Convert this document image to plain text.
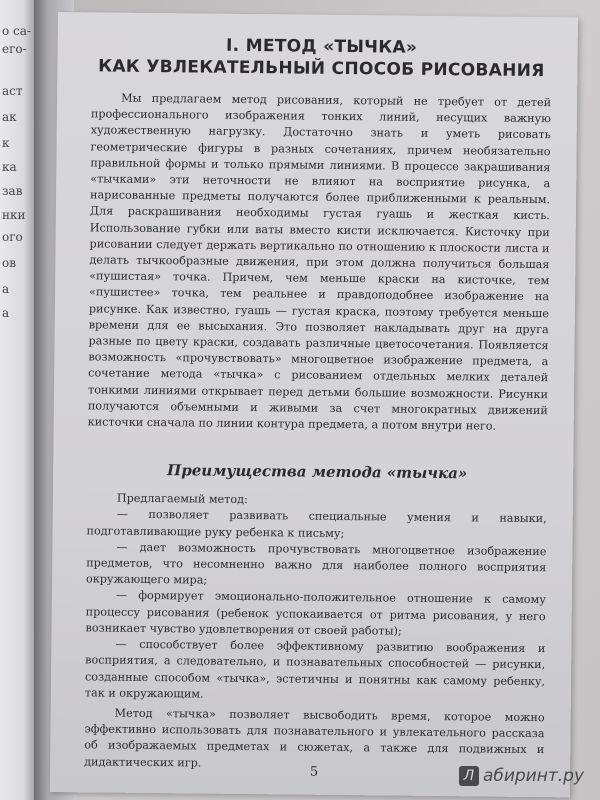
о са-
его-
аст
ак
к
ка
зав
нки
ого
ов
а
а
I. МЕТОД «ТЫЧКА»
КАК УВЛЕКАТЕЛЬНЫЙ СПОСОБ РИСОВАНИЯ

Мы предлагаем метод рисования, который не требует от детей профессионального изображения тонких линий, несущих важную художественную нагрузку. Достаточно знать и уметь рисовать геометрические фигуры в разных сочетаниях, причем необязательно правильной формы и только прямыми линиями. В процессе закрашивания «тычками» эти неточности не влияют на восприятие рисунка, а нарисованные предметы получаются более приближенными к реальным. Для раскрашивания необходимы густая гуашь и жесткая кисть. Использование губки или ваты вместо кисти исключается. Кисточку при рисовании следует держать вертикально по отношению к плоскости листа и делать тычкообразные движения, при этом должна получиться большая «пушистая» точка. Причем, чем меньше краски на кисточке, тем «пушистее» точка, тем реальнее и правдоподобнее изображение на рисунке. Как известно, гуашь — густая краска, поэтому требуется меньше времени для ее высыхания. Это позволяет накладывать друг на друга разные по цвету краски, создавать различные цветосочетания. Появляется возможность «прочувствовать» многоцветное изображение предмета, а сочетание метода «тычка» с рисованием отдельных мелких деталей тонкими линиями открывает перед детьми большие возможности. Рисунки получаются объемными и живыми за счет многократных движений кисточки сначала по линии контура предмета, а потом внутри него.

Преимущества метода «тычка»
Предлагаемый метод:
— позволяет развивать специальные умения и навыки, подготавливающие руку ребенка к письму;
— дает возможность прочувствовать многоцветное изображение предметов, что несомненно важно для наиболее полного восприятия окружающего мира;
— формирует эмоционально-положительное отношение к самому процессу рисования (ребенок успокаивается от ритма рисования, у него возникает чувство удовлетворения от своей работы);
— способствует более эффективному развитию воображения и восприятия, а следовательно, и познавательных способностей — рисунки, созданные способом «тычка», эстетичны и понятны как самому ребенку, так и окружающим.

Метод «тычка» позволяет высвободить время, которое можно эффективно использовать для познавательного и увлекательного рассказа об изображаемых предметах и сюжетах, а также для подвижных и дидактических игр.

5	Л абиринт.ру
